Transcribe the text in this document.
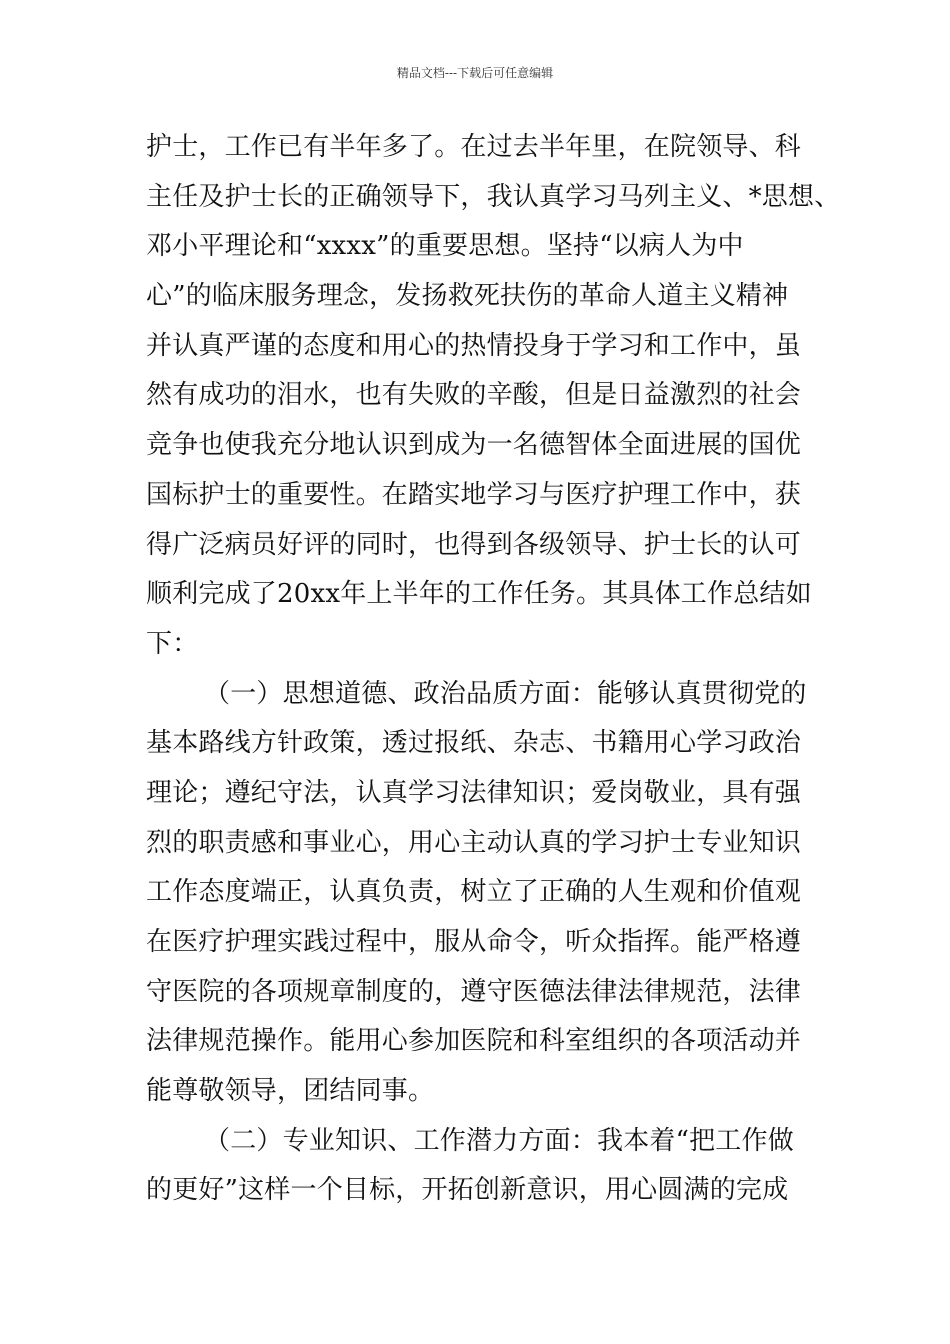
精品文档---下载后可任意编辑
护士，工作已有半年多了。在过去半年里，在院领导、科
主任及护士长的正确领导下，我认真学习马列主义、*思想、
邓小平理论和“xxxx”的重要思想。坚持“以病人为中
心”的临床服务理念，发扬救死扶伤的革命人道主义精神
并认真严谨的态度和用心的热情投身于学习和工作中，虽
然有成功的泪水，也有失败的辛酸，但是日益激烈的社会
竞争也使我充分地认识到成为一名德智体全面进展的国优
国标护士的重要性。在踏实地学习与医疗护理工作中，获
得广泛病员好评的同时，也得到各级领导、护士长的认可
顺利完成了20xx年上半年的工作任务。其具体工作总结如
下：
（一）思想道德、政治品质方面：能够认真贯彻党的
基本路线方针政策，透过报纸、杂志、书籍用心学习政治
理论；遵纪守法，认真学习法律知识；爱岗敬业，具有强
烈的职责感和事业心，用心主动认真的学习护士专业知识
工作态度端正，认真负责，树立了正确的人生观和价值观
在医疗护理实践过程中，服从命令，听众指挥。能严格遵
守医院的各项规章制度的，遵守医德法律法律规范，法律
法律规范操作。能用心参加医院和科室组织的各项活动并
能尊敬领导，团结同事。
（二）专业知识、工作潜力方面：我本着“把工作做
的更好”这样一个目标，开拓创新意识，用心圆满的完成
